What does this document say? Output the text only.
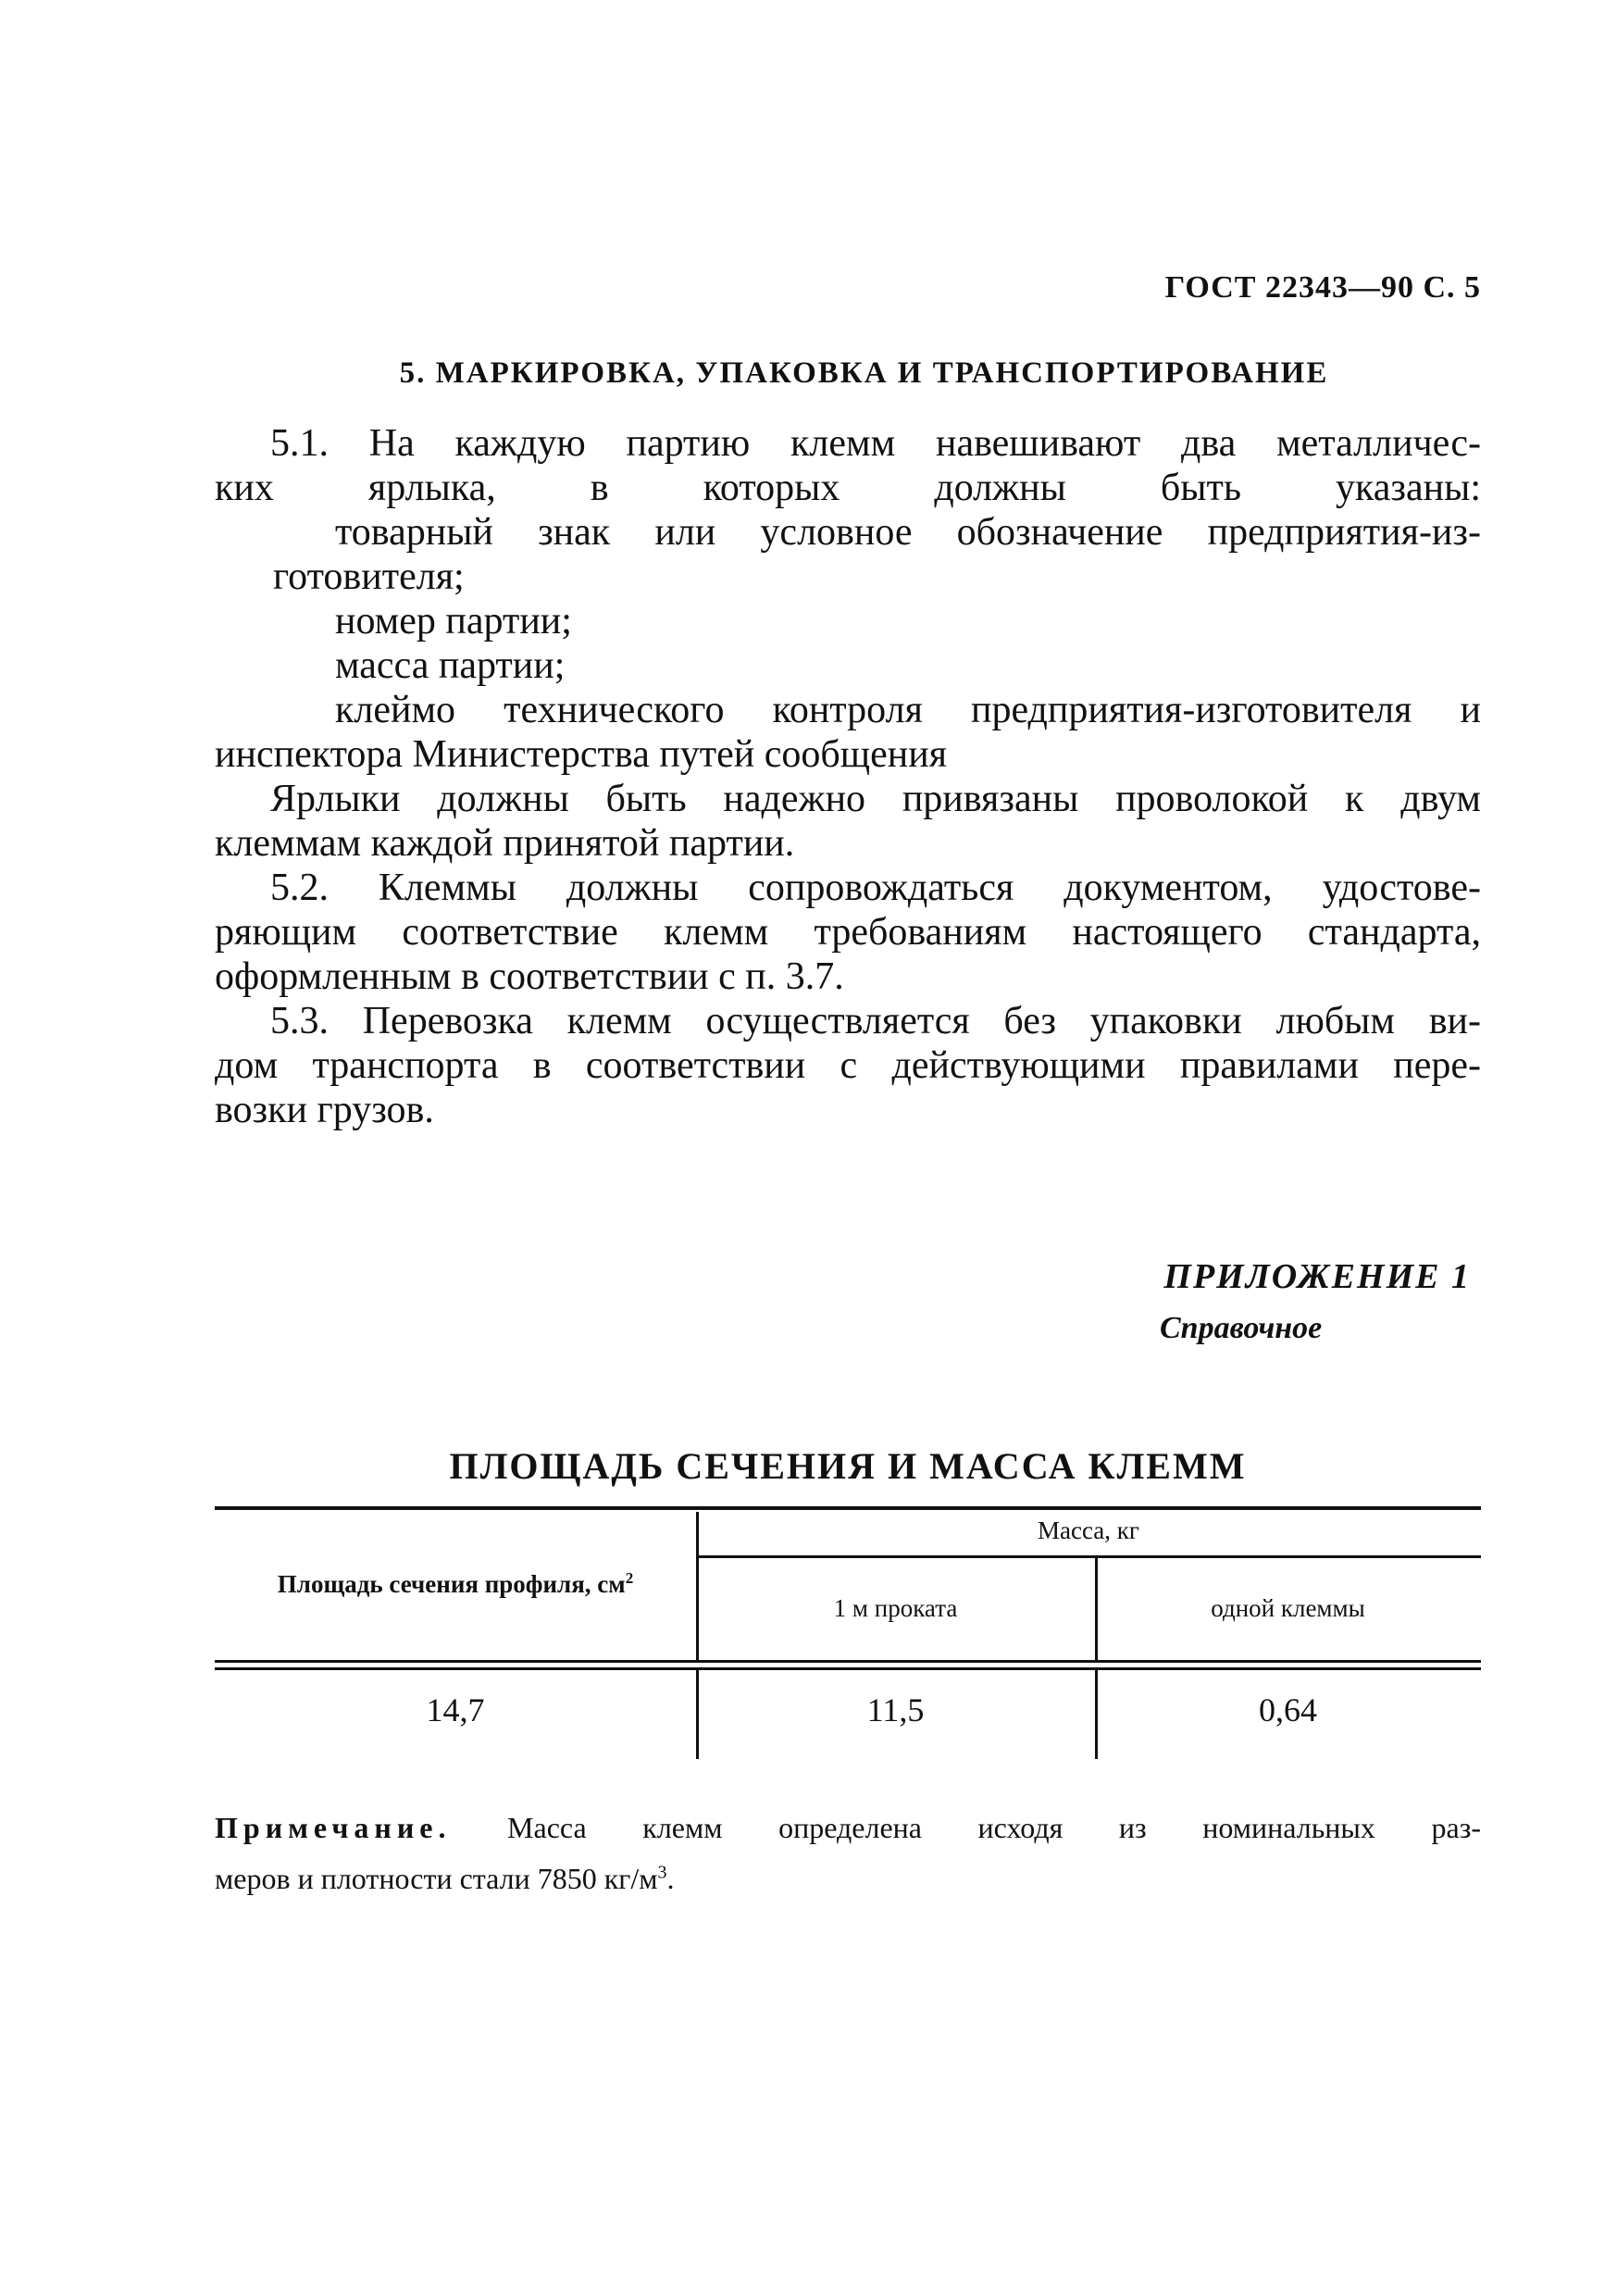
ГОСТ 22343—90 С. 5
5. МАРКИРОВКА, УПАКОВКА И ТРАНСПОРТИРОВАНИЕ
5.1. На каждую партию клемм навешивают два металличес-
ких ярлыка, в которых должны быть указаны:
товарный знак или условное обозначение предприятия-из-
готовителя;
номер партии;
масса партии;
клеймо технического контроля предприятия-изготовителя и
инспектора Министерства путей сообщения
Ярлыки должны быть надежно привязаны проволокой к двум
клеммам каждой принятой партии.
5.2. Клеммы должны сопровождаться документом, удостове-
ряющим соответствие клемм требованиям настоящего стандарта,
оформленным в соответствии с п. 3.7.
5.3. Перевозка клемм осуществляется без упаковки любым ви-
дом транспорта в соответствии с действующими правилами пере-
возки грузов.
ПРИЛОЖЕНИЕ 1
Справочное
ПЛОЩАДЬ СЕЧЕНИЯ И МАССА КЛЕММ
Площадь сечения профиля, $см^2$
Масса, кг
1 м проката	одной клеммы
14,7	11,5	0,64
Примечание. Масса клемм определена исходя из номинальных раз-
меров и плотности стали 7850 $кг/м^3$.
